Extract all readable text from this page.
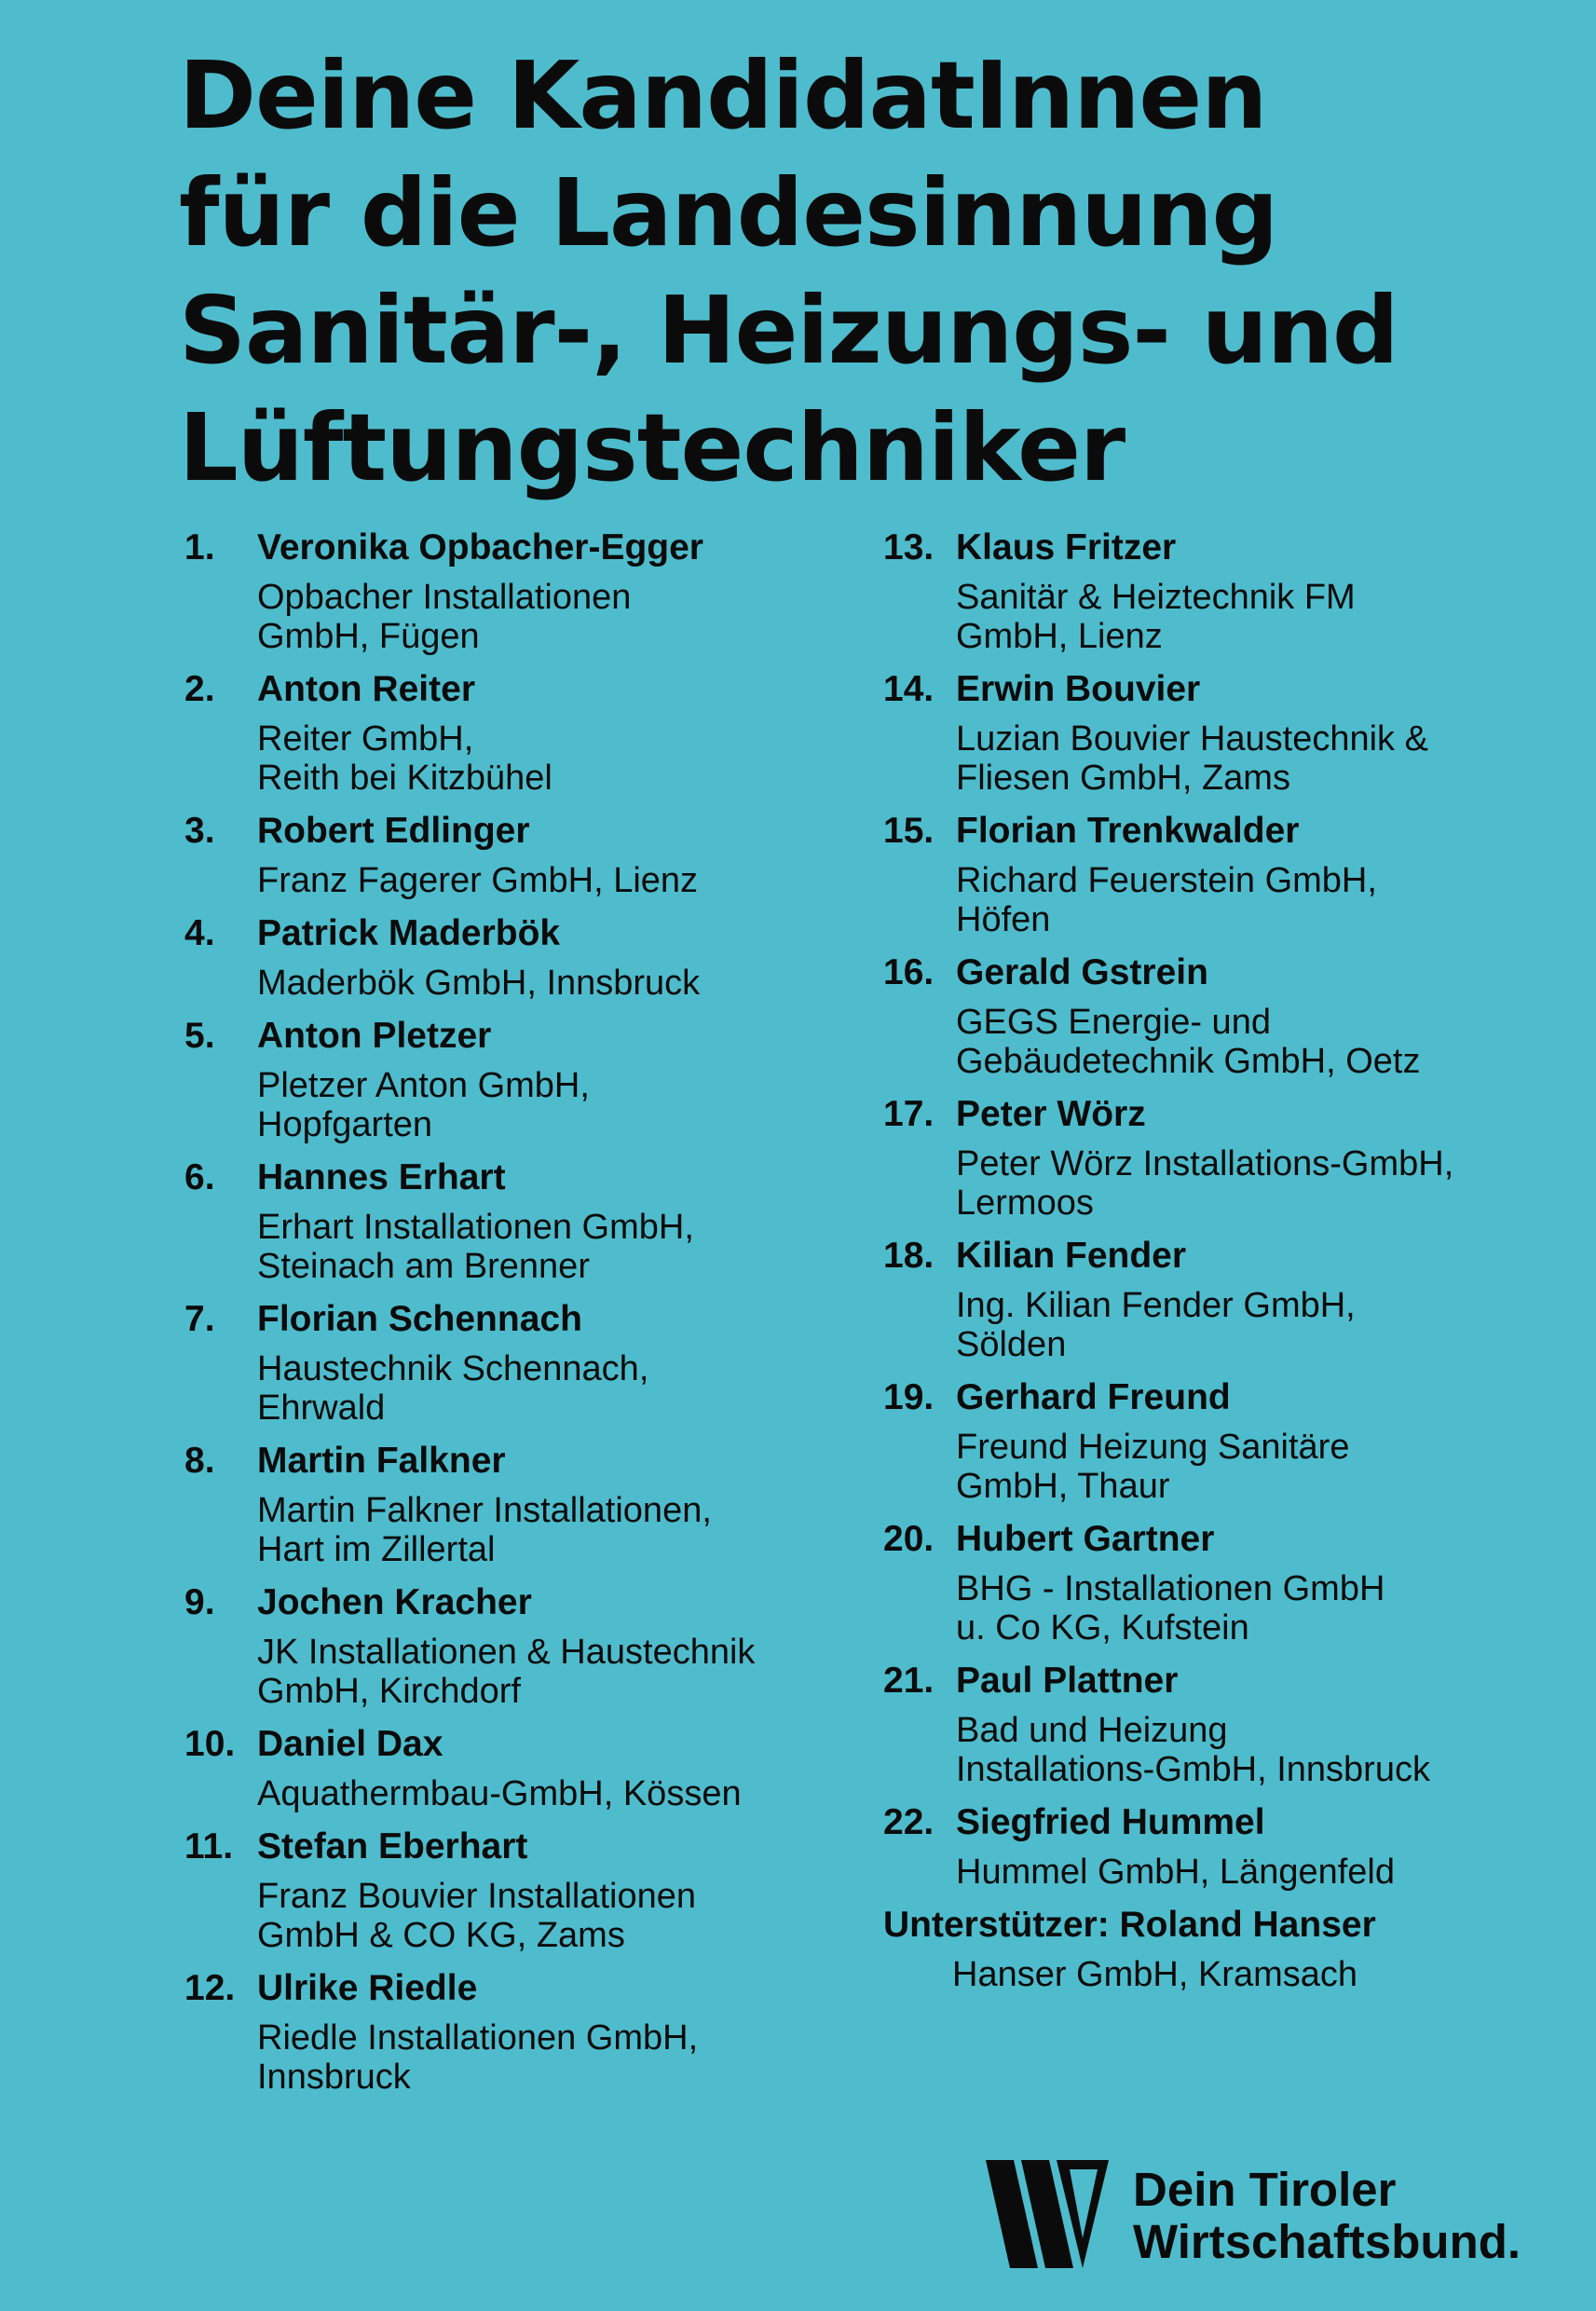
Deine KandidatInnen
für die Landesinnung
Sanitär-, Heizungs- und
Lüftungstechniker
1. Veronika Opbacher-Egger
Opbacher Installationen
GmbH, Fügen
2. Anton Reiter
Reiter GmbH,
Reith bei Kitzbühel
3. Robert Edlinger
Franz Fagerer GmbH, Lienz
4. Patrick Maderbök
Maderbök GmbH, Innsbruck
5. Anton Pletzer
Pletzer Anton GmbH,
Hopfgarten
6. Hannes Erhart
Erhart Installationen GmbH,
Steinach am Brenner
7. Florian Schennach
Haustechnik Schennach,
Ehrwald
8. Martin Falkner
Martin Falkner Installationen,
Hart im Zillertal
9. Jochen Kracher
JK Installationen & Haustechnik
GmbH, Kirchdorf
10. Daniel Dax
Aquathermbau-GmbH, Kössen
11. Stefan Eberhart
Franz Bouvier Installationen
GmbH & CO KG, Zams
12. Ulrike Riedle
Riedle Installationen GmbH,
Innsbruck
13. Klaus Fritzer
Sanitär & Heiztechnik FM
GmbH, Lienz
14. Erwin Bouvier
Luzian Bouvier Haustechnik &
Fliesen GmbH, Zams
15. Florian Trenkwalder
Richard Feuerstein GmbH,
Höfen
16. Gerald Gstrein
GEGS Energie- und
Gebäudetechnik GmbH, Oetz
17. Peter Wörz
Peter Wörz Installations-GmbH,
Lermoos
18. Kilian Fender
Ing. Kilian Fender GmbH,
Sölden
19. Gerhard Freund
Freund Heizung Sanitäre
GmbH, Thaur
20. Hubert Gartner
BHG - Installationen GmbH
u. Co KG, Kufstein
21. Paul Plattner
Bad und Heizung
Installations-GmbH, Innsbruck
22. Siegfried Hummel
Hummel GmbH, Längenfeld
Unterstützer: Roland Hanser
Hanser GmbH, Kramsach
Dein Tiroler
Wirtschaftsbund.
